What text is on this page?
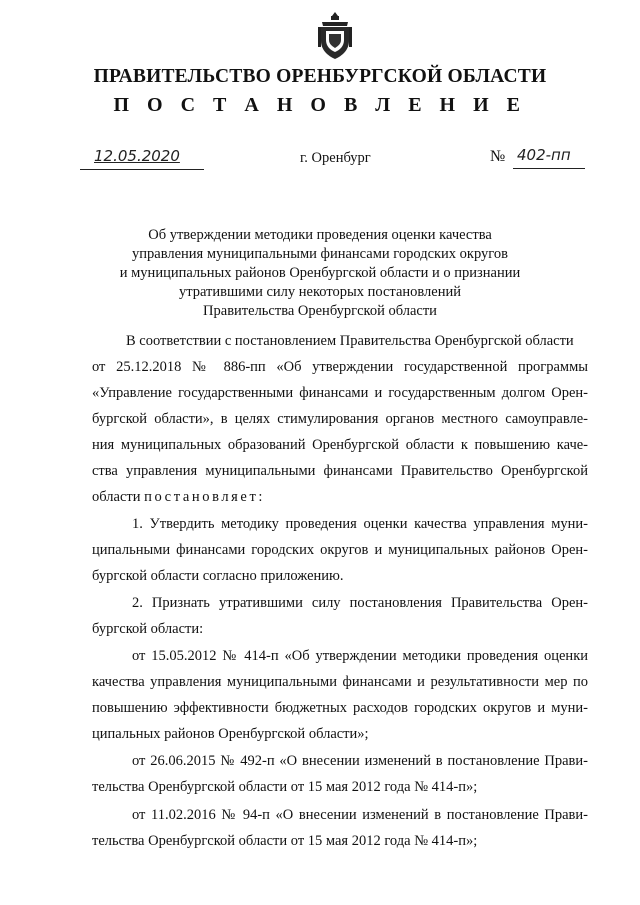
ПРАВИТЕЛЬСТВО ОРЕНБУРГСКОЙ ОБЛАСТИ
П О С Т А Н О В Л Е Н И Е
12.05.2020	г. Оренбург	№ 402-пп
Об утверждении методики проведения оценки качества
управления муниципальными финансами городских округов
и муниципальных районов Оренбургской области и о признании
утратившими силу некоторых постановлений
Правительства Оренбургской области
В соответствии с постановлением Правительства Оренбургской области
от 25.12.2018 № 886-пп «Об утверждении государственной программы
«Управление государственными финансами и государственным долгом Орен-
бургской области», в целях стимулирования органов местного самоуправле-
ния муниципальных образований Оренбургской области к повышению каче-
ства управления муниципальными финансами Правительство Оренбургской
области постановляет:
1. Утвердить методику проведения оценки качества управления муни-
ципальными финансами городских округов и муниципальных районов Орен-
бургской области согласно приложению.
2. Признать утратившими силу постановления Правительства Орен-
бургской области:
от 15.05.2012 № 414-п «Об утверждении методики проведения оценки
качества управления муниципальными финансами и результативности мер по
повышению эффективности бюджетных расходов городских округов и муни-
ципальных районов Оренбургской области»;
от 26.06.2015 № 492-п «О внесении изменений в постановление Прави-
тельства Оренбургской области от 15 мая 2012 года № 414-п»;
от 11.02.2016 № 94-п «О внесении изменений в постановление Прави-
тельства Оренбургской области от 15 мая 2012 года № 414-п»;
